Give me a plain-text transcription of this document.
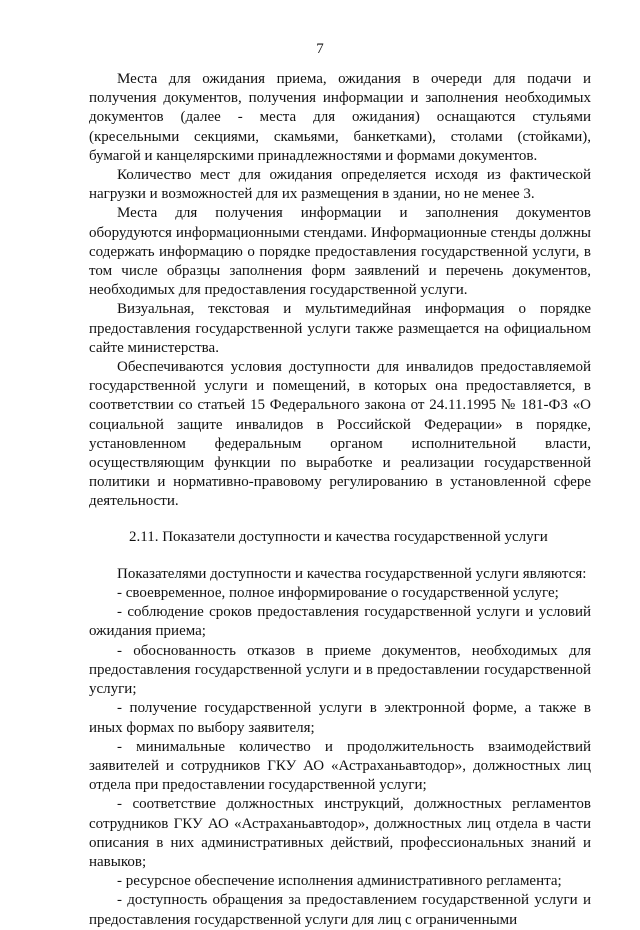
7

Места для ожидания приема, ожидания в очереди для подачи и получения документов, получения информации и заполнения необходимых документов (далее - места для ожидания) оснащаются стульями (кресельными секциями, скамьями, банкетками), столами (стойками), бумагой и канцелярскими принадлежностями и формами документов.

Количество мест для ожидания определяется исходя из фактической нагрузки и возможностей для их размещения в здании, но не менее 3.

Места для получения информации и заполнения документов оборудуются информационными стендами. Информационные стенды должны содержать информацию о порядке предоставления государственной услуги, в том числе образцы заполнения форм заявлений и перечень документов, необходимых для предоставления государственной услуги.

Визуальная, текстовая и мультимедийная информация о порядке предоставления государственной услуги также размещается на официальном сайте министерства.

Обеспечиваются условия доступности для инвалидов предоставляемой государственной услуги и помещений, в которых она предоставляется, в соответствии со статьей 15 Федерального закона от 24.11.1995 № 181-ФЗ «О социальной защите инвалидов в Российской Федерации» в порядке, установленном федеральным органом исполнительной власти, осуществляющим функции по выработке и реализации государственной политики и нормативно-правовому регулированию в установленной сфере деятельности.

2.11. Показатели доступности и качества государственной услуги

Показателями доступности и качества государственной услуги являются:

- своевременное, полное информирование о государственной услуге;

- соблюдение сроков предоставления государственной услуги и условий ожидания приема;

- обоснованность отказов в приеме документов, необходимых для предоставления государственной услуги и в предоставлении государственной услуги;

- получение государственной услуги в электронной форме, а также в иных формах по выбору заявителя;

- минимальные количество и продолжительность взаимодействий заявителей и сотрудников ГКУ АО «Астраханьавтодор», должностных лиц отдела при предоставлении государственной услуги;

- соответствие должностных инструкций, должностных регламентов сотрудников ГКУ АО «Астраханьавтодор», должностных лиц отдела в части описания в них административных действий, профессиональных знаний и навыков;

- ресурсное обеспечение исполнения административного регламента;

- доступность обращения за предоставлением государственной услуги и предоставления государственной услуги для лиц с ограниченными
